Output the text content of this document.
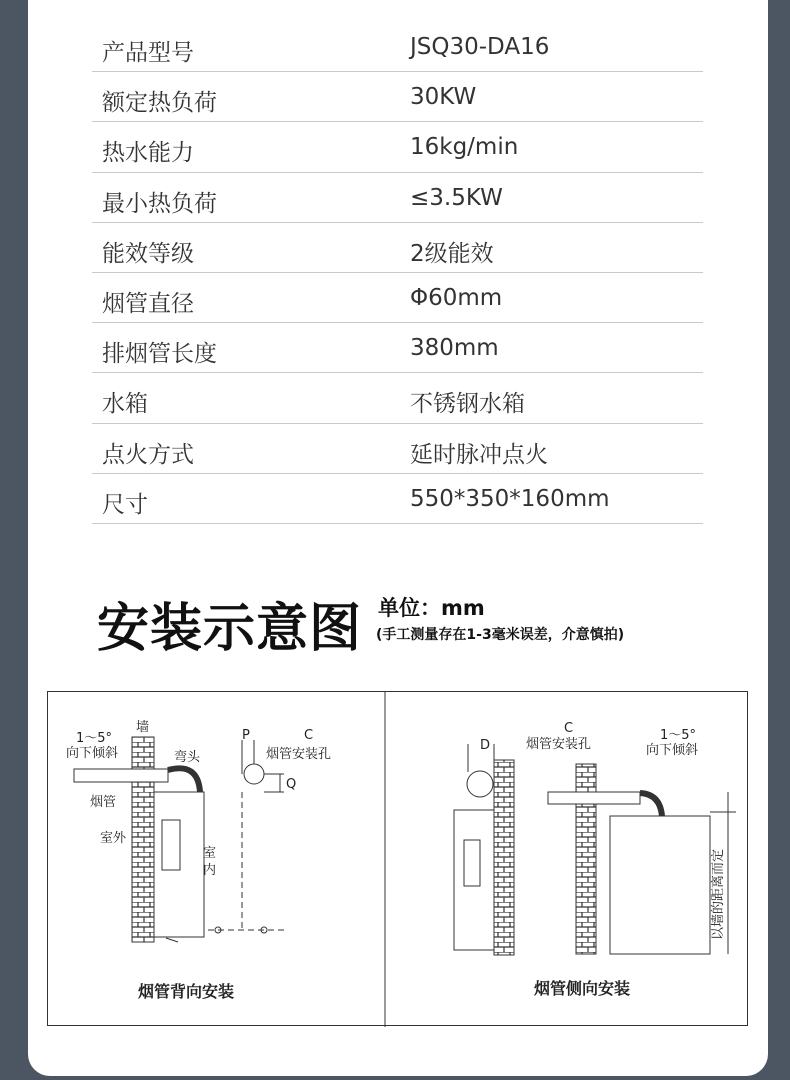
产品型号	JSQ30-DA16
额定热负荷	30KW
热水能力	16kg/min
最小热负荷	≤3.5KW
能效等级	2级能效
烟管直径	Φ60mm
排烟管长度	380mm
水箱	不锈钢水箱
点火方式	延时脉冲点火
尺寸	550*350*160mm
安装示意图 单位：mm
(手工测量存在1-3毫米误差，介意慎拍)
1～5°
向下倾斜
墙
弯头
烟管
室外
室
内
P	C
烟管安装孔
Q
D
C
烟管安装孔
1～5°
向下倾斜
以墙的距离而定
烟管背向安装	烟管侧向安装
